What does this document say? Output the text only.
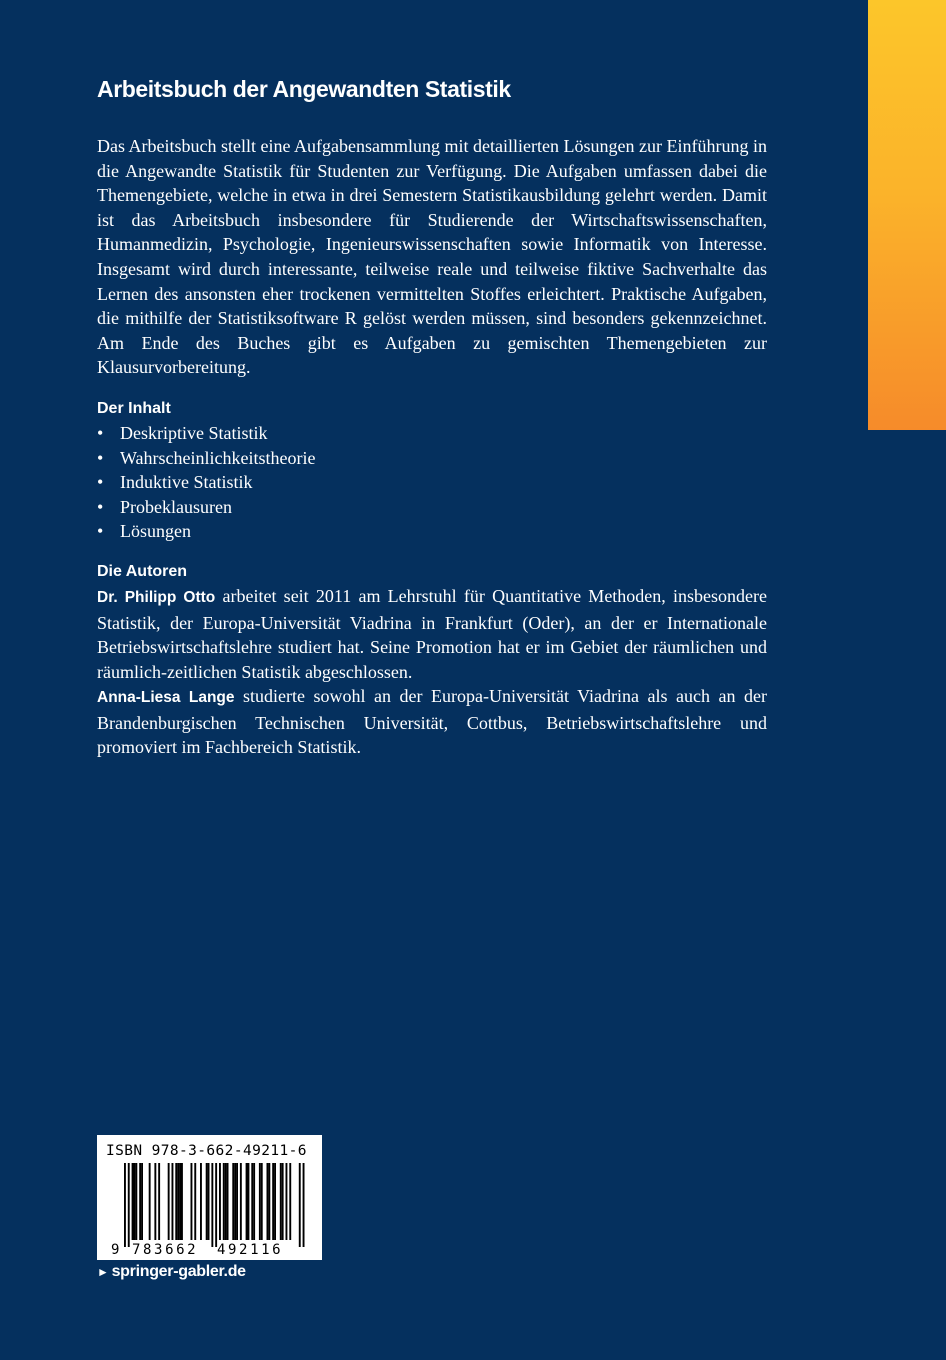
Arbeitsbuch der Angewandten Statistik

Das Arbeitsbuch stellt eine Aufgabensammlung mit detaillierten Lösungen zur Einführung in die Angewandte Statistik für Studenten zur Verfügung. Die Aufgaben umfassen dabei die Themengebiete, welche in etwa in drei Semestern Statistikausbildung gelehrt werden. Damit ist das Arbeitsbuch insbesondere für Studierende der Wirtschaftswissenschaften, Humanmedizin, Psychologie, Ingenieurswissenschaften sowie Informatik von Interesse. Insgesamt wird durch interessante, teilweise reale und teilweise fiktive Sachverhalte das Lernen des ansonsten eher trockenen vermittelten Stoffes erleichtert. Praktische Aufgaben, die mithilfe der Statistiksoftware R gelöst werden müssen, sind besonders gekennzeichnet. Am Ende des Buches gibt es Aufgaben zu gemischten Themengebieten zur Klausurvorbereitung.

Der Inhalt
• Deskriptive Statistik
• Wahrscheinlichkeitstheorie
• Induktive Statistik
• Probeklausuren
• Lösungen
Die Autoren

Dr. Philipp Otto arbeitet seit 2011 am Lehrstuhl für Quantitative Methoden, insbesondere Statistik, der Europa-Universität Viadrina in Frankfurt (Oder), an der er Internationale Betriebswirtschaftslehre studiert hat. Seine Promotion hat er im Gebiet der räumlichen und räumlich-zeitlichen Statistik abgeschlossen.

Anna-Liesa Lange studierte sowohl an der Europa-Universität Viadrina als auch an der Brandenburgischen Technischen Universität, Cottbus, Betriebswirtschaftslehre und promoviert im Fachbereich Statistik.

ISBN 978-3-662-49211-6
9 783662 492116
► springer-gabler.de
